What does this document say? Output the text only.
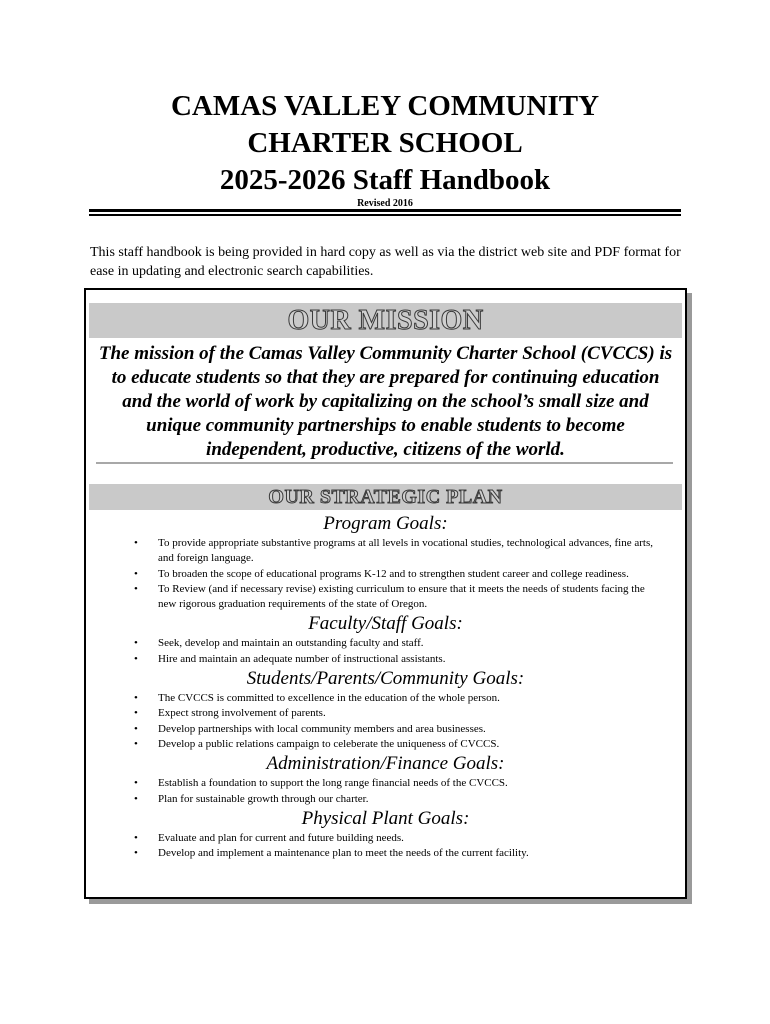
CAMAS VALLEY COMMUNITY
CHARTER SCHOOL
2025-2026 Staff Handbook
Revised 2016
This staff handbook is being provided in hard copy as well as via the district web site and PDF format for ease in updating and electronic search capabilities.
OUR MISSION
The mission of the Camas Valley Community Charter School (CVCCS) is to educate students so that they are prepared for continuing education and the world of work by capitalizing on the school’s small size and unique community partnerships to enable students to become independent, productive, citizens of the world.
OUR STRATEGIC PLAN
Program Goals:
• To provide appropriate substantive programs at all levels in vocational studies, technological advances, fine arts, and foreign language.
• To broaden the scope of educational programs K-12 and to strengthen student career and college readiness.
• To Review (and if necessary revise) existing curriculum to ensure that it meets the needs of students facing the new rigorous graduation requirements of the state of Oregon.
Faculty/Staff Goals:
• Seek, develop and maintain an outstanding faculty and staff.
• Hire and maintain an adequate number of instructional assistants.
Students/Parents/Community Goals:
• The CVCCS is committed to excellence in the education of the whole person.
• Expect strong involvement of parents.
• Develop partnerships with local community members and area businesses.
• Develop a public relations campaign to celeberate the uniqueness of CVCCS.
Administration/Finance Goals:
• Establish a foundation to support the long range financial needs of the CVCCS.
• Plan for sustainable growth through our charter.
Physical Plant Goals:
• Evaluate and plan for current and future building needs.
• Develop and implement a maintenance plan to meet the needs of the current facility.
